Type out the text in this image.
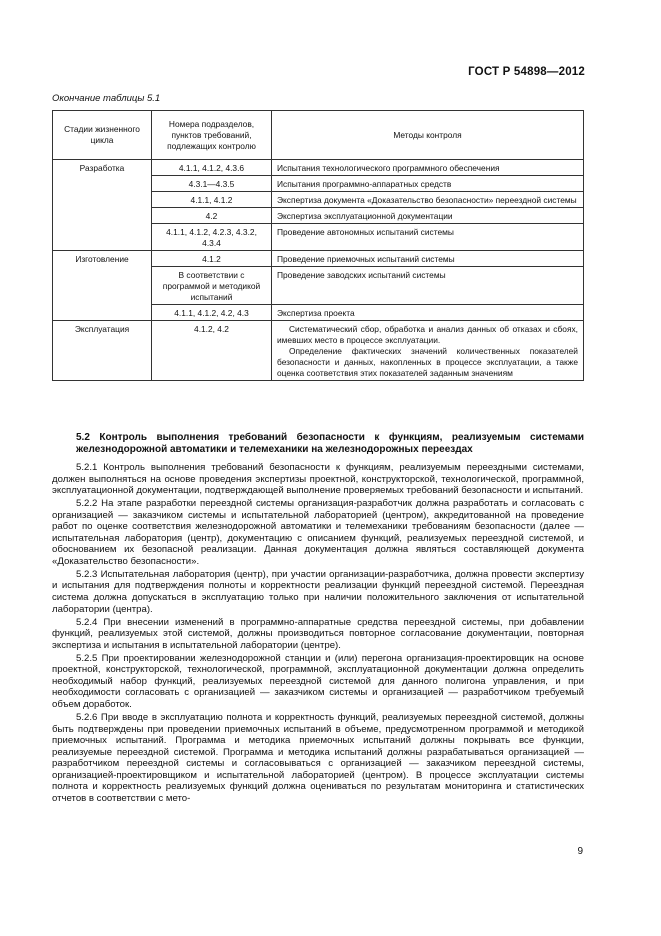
ГОСТ Р 54898—2012
Окончание таблицы 5.1
Стадии жизненного цикла	Номера подразделов, пунктов требований, подлежащих контролю	Методы контроля
Разработка	4.1.1, 4.1.2, 4.3.6	Испытания технологического программного обеспечения
	4.3.1—4.3.5	Испытания программно-аппаратных средств
	4.1.1, 4.1.2	Экспертиза документа «Доказательство безопасности» переездной системы
	4.2	Экспертиза эксплуатационной документации
	4.1.1, 4.1.2, 4.2.3, 4.3.2, 4.3.4	Проведение автономных испытаний системы
Изготовление	4.1.2	Проведение приемочных испытаний системы
	В соответствии с программой и методикой испытаний	Проведение заводских испытаний системы
	4.1.1, 4.1.2, 4.2, 4.3	Экспертиза проекта
Эксплуатация	4.1.2, 4.2	Систематический сбор, обработка и анализ данных об отказах и сбоях, имевших место в процессе эксплуатации.
Определение фактических значений количественных показателей безопасности и данных, накопленных в процессе эксплуатации, а также оценка соответствия этих показателей заданным значениям
5.2 Контроль выполнения требований безопасности к функциям, реализуемым системами железнодорожной автоматики и телемеханики на железнодорожных переездах

5.2.1 Контроль выполнения требований безопасности к функциям, реализуемым переездными системами, должен выполняться на основе проведения экспертизы проектной, конструкторской, технологической, программной, эксплуатационной документации, подтверждающей выполнение проверяемых требований безопасности и испытаний.

5.2.2 На этапе разработки переездной системы организация-разработчик должна разработать и согласовать с организацией — заказчиком системы и испытательной лабораторией (центром), аккредитованной на проведение работ по оценке соответствия железнодорожной автоматики и телемеханики требованиям безопасности (далее — испытательная лаборатория (центр), документацию с описанием функций, реализуемых переездной системой, и обоснованием их безопасной реализации. Данная документация должна являться составляющей документа «Доказательство безопасности».

5.2.3 Испытательная лаборатория (центр), при участии организации-разработчика, должна провести экспертизу и испытания для подтверждения полноты и корректности реализации функций переездной системой. Переездная система должна допускаться в эксплуатацию только при наличии положительного заключения от испытательной лаборатории (центра).

5.2.4 При внесении изменений в программно-аппаратные средства переездной системы, при добавлении функций, реализуемых этой системой, должны производиться повторное согласование документации, повторная экспертиза и испытания в испытательной лаборатории (центре).

5.2.5 При проектировании железнодорожной станции и (или) перегона организация-проектировщик на основе проектной, конструкторской, технологической, программной, эксплуатационной документации должна определить необходимый набор функций, реализуемых переездной системой для данного полигона управления, и при необходимости согласовать с организацией — заказчиком системы и организацией — разработчиком требуемый объем доработок.

5.2.6 При вводе в эксплуатацию полнота и корректность функций, реализуемых переездной системой, должны быть подтверждены при проведении приемочных испытаний в объеме, предусмотренном программой и методикой приемочных испытаний. Программа и методика приемочных испытаний должны покрывать все функции, реализуемые переездной системой. Программа и методика испытаний должны разрабатываться организацией — разработчиком переездной системы и согласовываться с организацией — заказчиком переездной системы, организацией-проектировщиком и испытательной лабораторией (центром). В процессе эксплуатации системы полнота и корректность реализуемых функций должна оцениваться по результатам мониторинга и статистических отчетов в соответствии с мето-

9
